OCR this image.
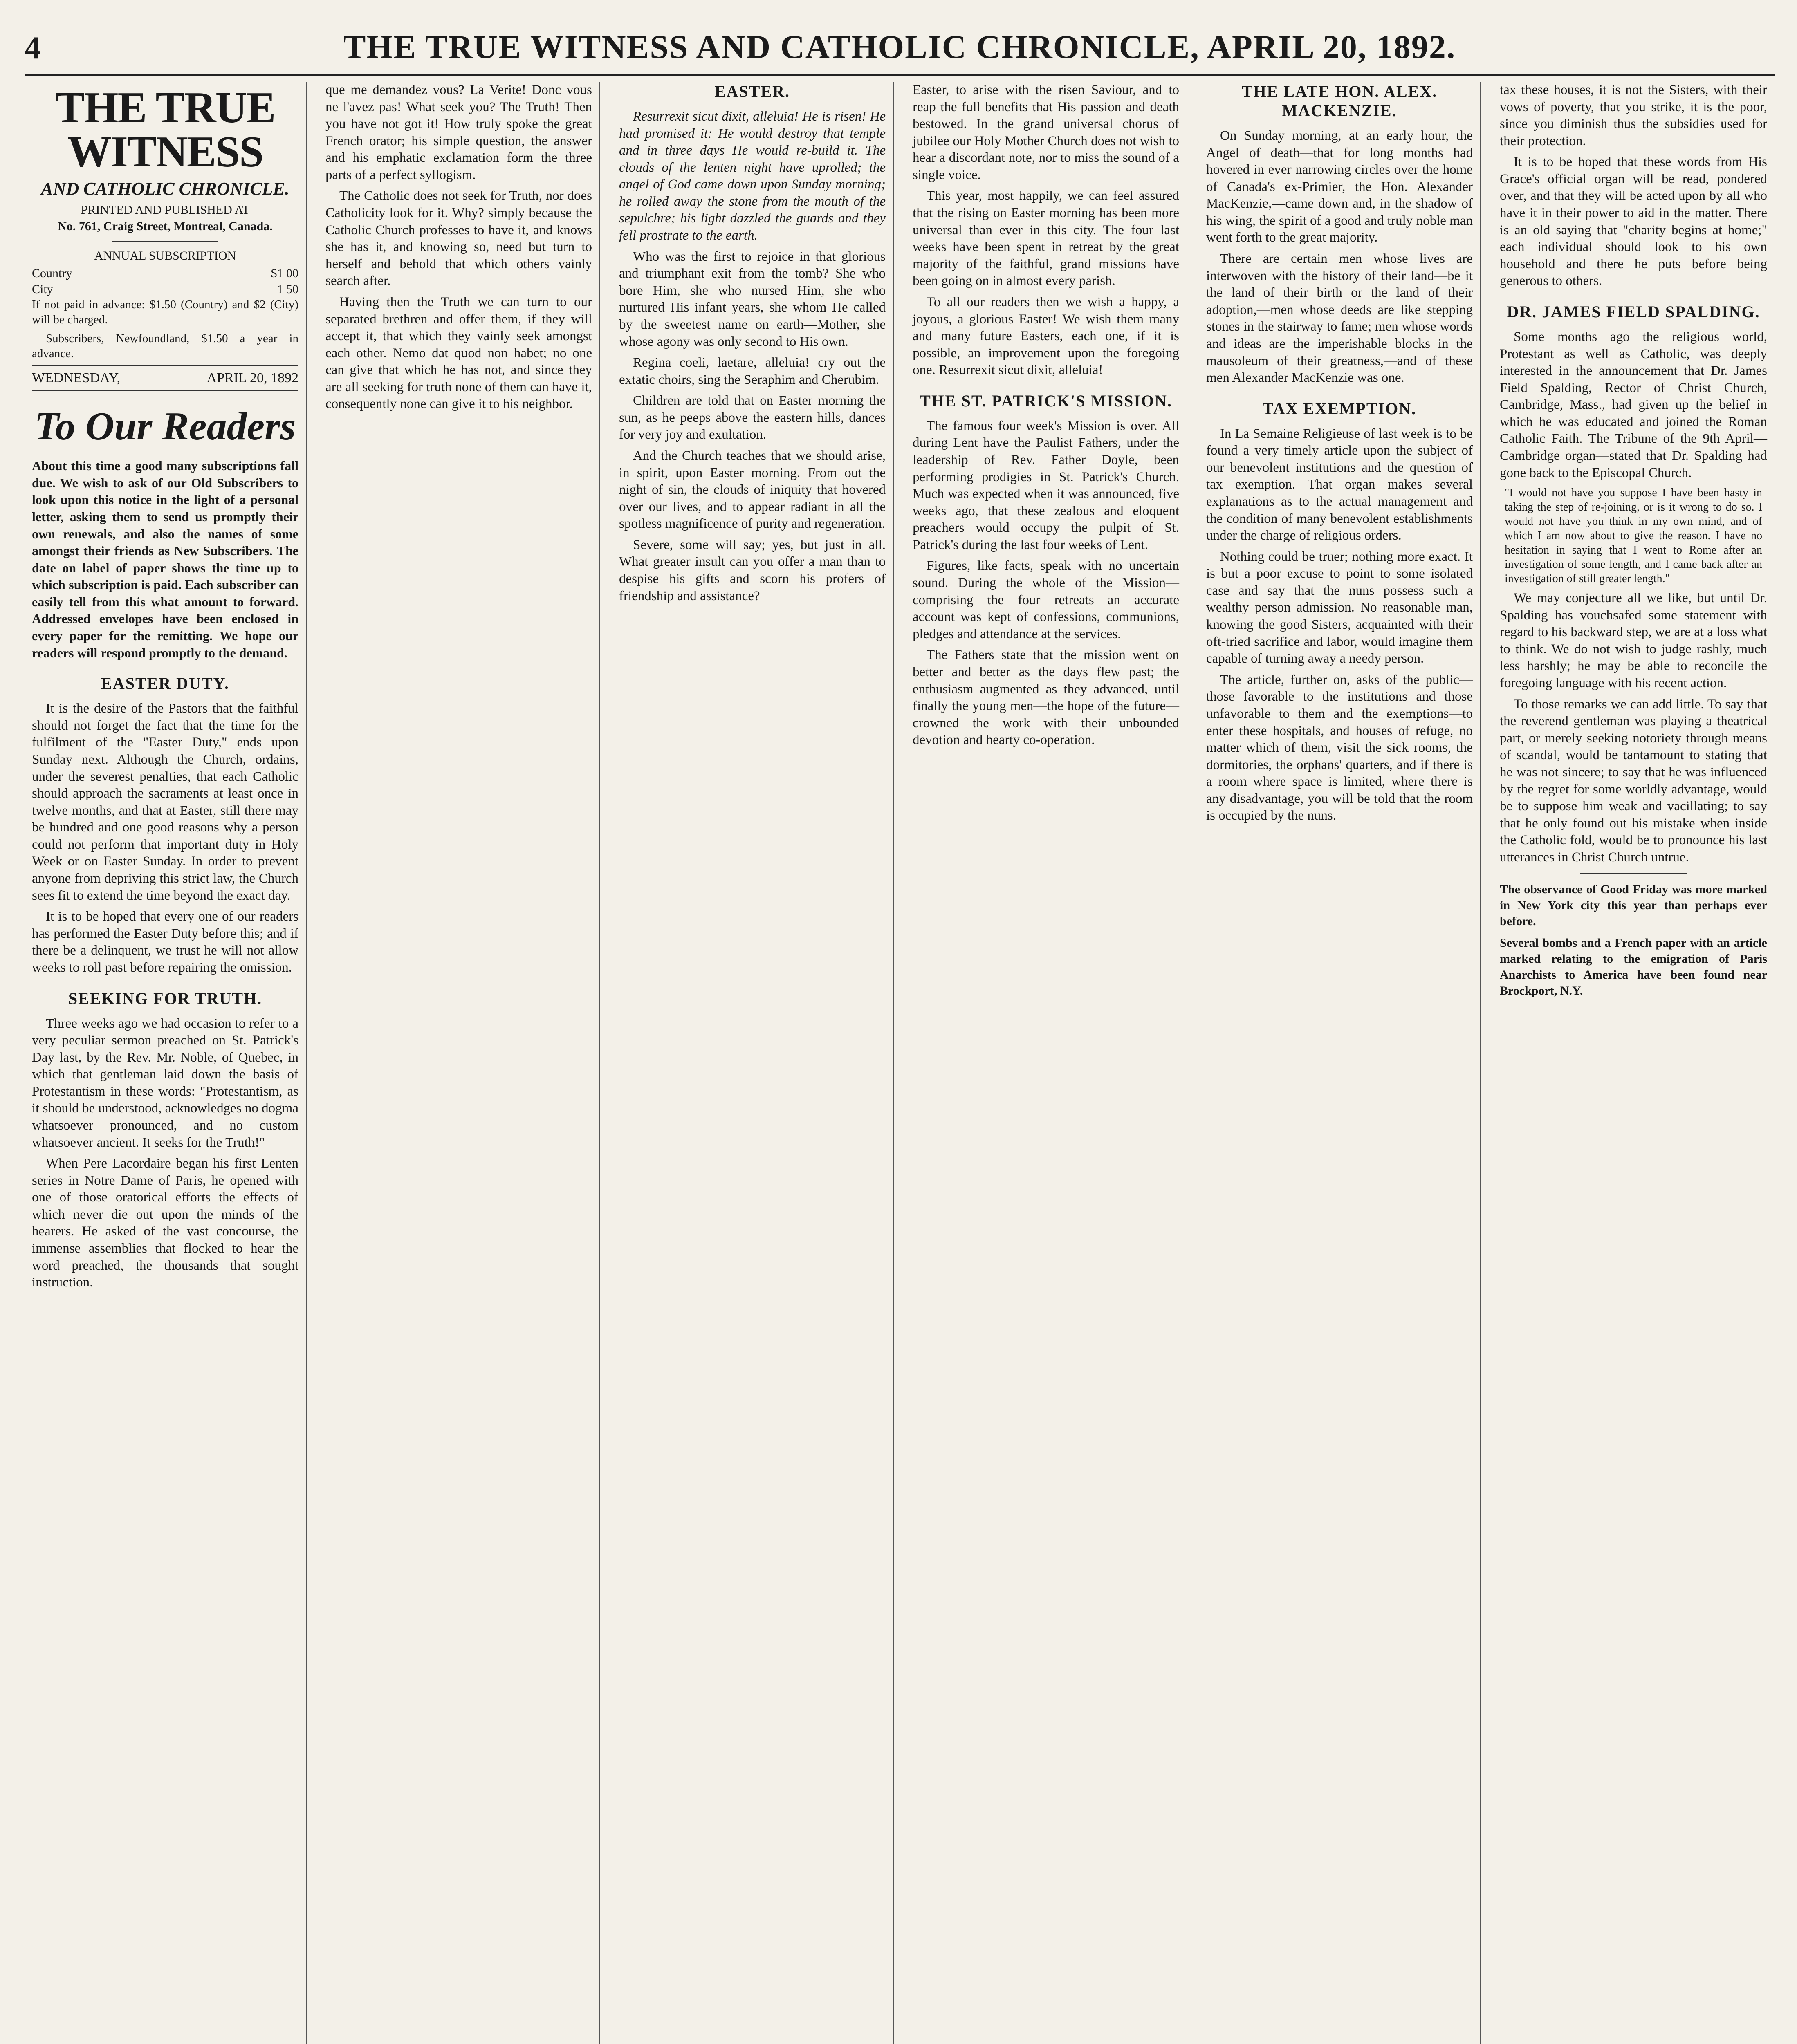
4	THE TRUE WITNESS AND CATHOLIC CHRONICLE, APRIL 20, 1892.
THE TRUE WITNESS
AND CATHOLIC CHRONICLE.
PRINTED AND PUBLISHED AT
No. 761, Craig Street, Montreal, Canada.
ANNUAL SUBSCRIPTION
Country	$1 00
City	1 50

If not paid in advance: $1.50 (Country) and $2 (City) will be charged.

Subscribers, Newfoundland, $1.50 a year in advance.

WEDNESDAY,	APRIL 20, 1892
To Our Readers

About this time a good many subscriptions fall due. We wish to ask of our Old Subscribers to look upon this notice in the light of a personal letter, asking them to send us promptly their own renewals, and also the names of some amongst their friends as New Subscribers. The date on label of paper shows the time up to which subscription is paid. Each subscriber can easily tell from this what amount to forward. Addressed envelopes have been enclosed in every paper for the remitting. We hope our readers will respond promptly to the demand.

EASTER DUTY.

It is the desire of the Pastors that the faithful should not forget the fact that the time for the fulfilment of the "Easter Duty," ends upon Sunday next. Although the Church, ordains, under the severest penalties, that each Catholic should approach the sacraments at least once in twelve months, and that at Easter, still there may be hundred and one good reasons why a person could not perform that important duty in Holy Week or on Easter Sunday. In order to prevent anyone from depriving this strict law, the Church sees fit to extend the time beyond the exact day.

It is to be hoped that every one of our readers has performed the Easter Duty before this; and if there be a delinquent, we trust he will not allow weeks to roll past before repairing the omission.

SEEKING FOR TRUTH.

Three weeks ago we had occasion to refer to a very peculiar sermon preached on St. Patrick's Day last, by the Rev. Mr. Noble, of Quebec, in which that gentleman laid down the basis of Protestantism in these words: "Protestantism, as it should be understood, acknowledges no dogma whatsoever pronounced, and no custom whatsoever ancient. It seeks for the Truth!"

When Pere Lacordaire began his first Lenten series in Notre Dame of Paris, he opened with one of those oratorical efforts the effects of which never die out upon the minds of the hearers. He asked of the vast concourse, the immense assemblies that flocked to hear the word preached, the thousands that sought instruction.

que me demandez vous? La Verite! Donc vous ne l'avez pas! What seek you? The Truth! Then you have not got it! How truly spoke the great French orator; his simple question, the answer and his emphatic exclamation form the three parts of a perfect syllogism.

The Catholic does not seek for Truth, nor does Catholicity look for it. Why? simply because the Catholic Church professes to have it, and knows she has it, and knowing so, need but turn to herself and behold that which others vainly search after.

Having then the Truth we can turn to our separated brethren and offer them, if they will accept it, that which they vainly seek amongst each other. Nemo dat quod non habet; no one can give that which he has not, and since they are all seeking for truth none of them can have it, consequently none can give it to his neighbor.

EASTER.

Resurrexit sicut dixit, alleluia! He is risen! He had promised it: He would destroy that temple and in three days He would re-build it. The clouds of the lenten night have uprolled; the angel of God came down upon Sunday morning; he rolled away the stone from the mouth of the sepulchre; his light dazzled the guards and they fell prostrate to the earth.

Who was the first to rejoice in that glorious and triumphant exit from the tomb? She who bore Him, she who nursed Him, she who nurtured His infant years, she whom He called by the sweetest name on earth—Mother, she whose agony was only second to His own.

Regina coeli, laetare, alleluia! cry out the extatic choirs, sing the Seraphim and Cherubim.

Children are told that on Easter morning the sun, as he peeps above the eastern hills, dances for very joy and exultation.

And the Church teaches that we should arise, in spirit, upon Easter morning. From out the night of sin, the clouds of iniquity that hovered over our lives, and to appear radiant in all the spotless magnificence of purity and regeneration.

Severe, some will say; yes, but just in all. What greater insult can you offer a man than to despise his gifts and scorn his profers of friendship and assistance?

Easter, to arise with the risen Saviour, and to reap the full benefits that His passion and death bestowed. In the grand universal chorus of jubilee our Holy Mother Church does not wish to hear a discordant note, nor to miss the sound of a single voice.

This year, most happily, we can feel assured that the rising on Easter morning has been more universal than ever in this city. The four last weeks have been spent in retreat by the great majority of the faithful, grand missions have been going on in almost every parish.

To all our readers then we wish a happy, a joyous, a glorious Easter! We wish them many and many future Easters, each one, if it is possible, an improvement upon the foregoing one. Resurrexit sicut dixit, alleluia!

THE ST. PATRICK'S MISSION.

The famous four week's Mission is over. All during Lent have the Paulist Fathers, under the leadership of Rev. Father Doyle, been performing prodigies in St. Patrick's Church. Much was expected when it was announced, five weeks ago, that these zealous and eloquent preachers would occupy the pulpit of St. Patrick's during the last four weeks of Lent.

Figures, like facts, speak with no uncertain sound. During the whole of the Mission—comprising the four retreats—an accurate account was kept of confessions, communions, pledges and attendance at the services.

The Fathers state that the mission went on better and better as the days flew past; the enthusiasm augmented as they advanced, until finally the young men—the hope of the future—crowned the work with their unbounded devotion and hearty co-operation.

THE LATE HON. ALEX. MACKENZIE.

On Sunday morning, at an early hour, the Angel of death—that for long months had hovered in ever narrowing circles over the home of Canada's ex-Primier, the Hon. Alexander MacKenzie,—came down and, in the shadow of his wing, the spirit of a good and truly noble man went forth to the great majority.

There are certain men whose lives are interwoven with the history of their land—be it the land of their birth or the land of their adoption,—men whose deeds are like stepping stones in the stairway to fame; men whose words and ideas are the imperishable blocks in the mausoleum of their greatness,—and of these men Alexander MacKenzie was one.

TAX EXEMPTION.

In La Semaine Religieuse of last week is to be found a very timely article upon the subject of our benevolent institutions and the question of tax exemption. That organ makes several explanations as to the actual management and the condition of many benevolent establishments under the charge of religious orders.

Nothing could be truer; nothing more exact. It is but a poor excuse to point to some isolated case and say that the nuns possess such a wealthy person admission. No reasonable man, knowing the good Sisters, acquainted with their oft-tried sacrifice and labor, would imagine them capable of turning away a needy person.

The article, further on, asks of the public—those favorable to the institutions and those unfavorable to them and the exemptions—to enter these hospitals, and houses of refuge, no matter which of them, visit the sick rooms, the dormitories, the orphans' quarters, and if there is a room where space is limited, where there is any disadvantage, you will be told that the room is occupied by the nuns.

tax these houses, it is not the Sisters, with their vows of poverty, that you strike, it is the poor, since you diminish thus the subsidies used for their protection.

It is to be hoped that these words from His Grace's official organ will be read, pondered over, and that they will be acted upon by all who have it in their power to aid in the matter. There is an old saying that "charity begins at home;" each individual should look to his own household and there he puts before being generous to others.

DR. JAMES FIELD SPALDING.

Some months ago the religious world, Protestant as well as Catholic, was deeply interested in the announcement that Dr. James Field Spalding, Rector of Christ Church, Cambridge, Mass., had given up the belief in which he was educated and joined the Roman Catholic Faith. The Tribune of the 9th April—Cambridge organ—stated that Dr. Spalding had gone back to the Episcopal Church.

"I would not have you suppose I have been hasty in taking the step of re-joining, or is it wrong to do so. I would not have you think in my own mind, and of which I am now about to give the reason. I have no hesitation in saying that I went to Rome after an investigation of some length, and I came back after an investigation of still greater length."

We may conjecture all we like, but until Dr. Spalding has vouchsafed some statement with regard to his backward step, we are at a loss what to think. We do not wish to judge rashly, much less harshly; he may be able to reconcile the foregoing language with his recent action.

To those remarks we can add little. To say that the reverend gentleman was playing a theatrical part, or merely seeking notoriety through means of scandal, would be tantamount to stating that he was not sincere; to say that he was influenced by the regret for some worldly advantage, would be to suppose him weak and vacillating; to say that he only found out his mistake when inside the Catholic fold, would be to pronounce his last utterances in Christ Church untrue.

The observance of Good Friday was more marked in New York city this year than perhaps ever before.

Several bombs and a French paper with an article marked relating to the emigration of Paris Anarchists to America have been found near Brockport, N.Y.
